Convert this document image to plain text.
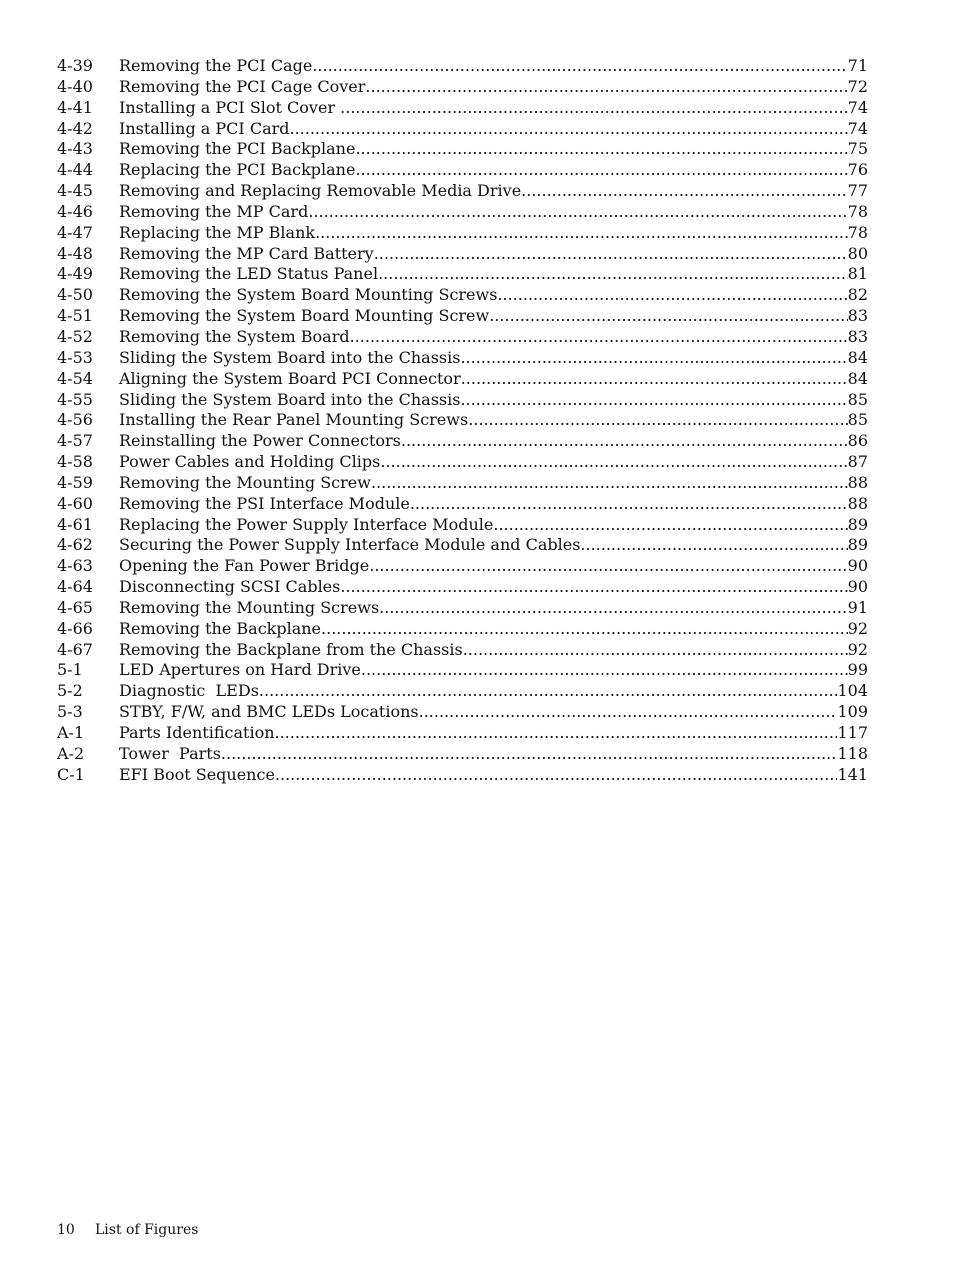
4-39	Removing the PCI Cage .....	71
4-40	Removing the PCI Cage Cover .....	72
4-41	Installing a PCI Slot Cover .....	74
4-42	Installing a PCI Card .....	74
4-43	Removing the PCI Backplane .....	75
4-44	Replacing the PCI Backplane .....	76
4-45	Removing and Replacing Removable Media Drive .....	77
4-46	Removing the MP Card .....	78
4-47	Replacing the MP Blank .....	78
4-48	Removing the MP Card Battery .....	80
4-49	Removing the LED Status Panel .....	81
4-50	Removing the System Board Mounting Screws .....	82
4-51	Removing the System Board Mounting Screw .....	83
4-52	Removing the System Board .....	83
4-53	Sliding the System Board into the Chassis .....	84
4-54	Aligning the System Board PCI Connector .....	84
4-55	Sliding the System Board into the Chassis .....	85
4-56	Installing the Rear Panel Mounting Screws .....	85
4-57	Reinstalling the Power Connectors .....	86
4-58	Power Cables and Holding Clips .....	87
4-59	Removing the Mounting Screw .....	88
4-60	Removing the PSI Interface Module .....	88
4-61	Replacing the Power Supply Interface Module .....	89
4-62	Securing the Power Supply Interface Module and Cables .....	89
4-63	Opening the Fan Power Bridge .....	90
4-64	Disconnecting SCSI Cables .....	90
4-65	Removing the Mounting Screws .....	91
4-66	Removing the Backplane .....	92
4-67	Removing the Backplane from the Chassis .....	92
5-1	LED Apertures on Hard Drive .....	99
5-2	Diagnostic  LEDs .....	104
5-3	STBY, F/W, and BMC LEDs Locations .....	109
A-1	Parts Identification .....	117
A-2	Tower  Parts .....	118
C-1	EFI Boot Sequence .....	141
10 List of Figures
